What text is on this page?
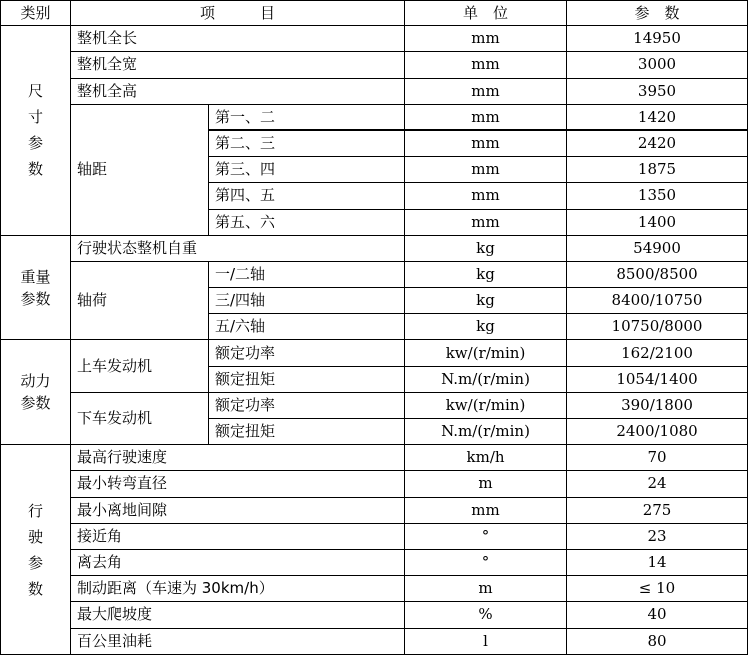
类别	项　　　目		单　位	参　数

尺
寸
参
数	整机全长		mm	14950
	整机全宽		mm	3000
	整机全高		mm	3950
	轴距	第一、二	mm	1420
		第二、三	mm	2420
		第三、四	mm	1875
		第四、五	mm	1350
		第五、六	mm	1400

重量
参数	行驶状态整机自重		kg	54900
	轴荷	一/二轴	kg	8500/8500
		三/四轴	kg	8400/10750
		五/六轴	kg	10750/8000

动力
参数	上车发动机	额定功率	kw/(r/min)	162/2100
		额定扭矩	N.m/(r/min)	1054/1400
	下车发动机	额定功率	kw/(r/min)	390/1800
		额定扭矩	N.m/(r/min)	2400/1080

行
驶
参
数	最高行驶速度		km/h	70
	最小转弯直径		m	24
	最小离地间隙		mm	275
	接近角		°	23
	离去角		°	14
	制动距离（车速为 30km/h）		m	≤ 10
	最大爬坡度		%	40
	百公里油耗		l	80
